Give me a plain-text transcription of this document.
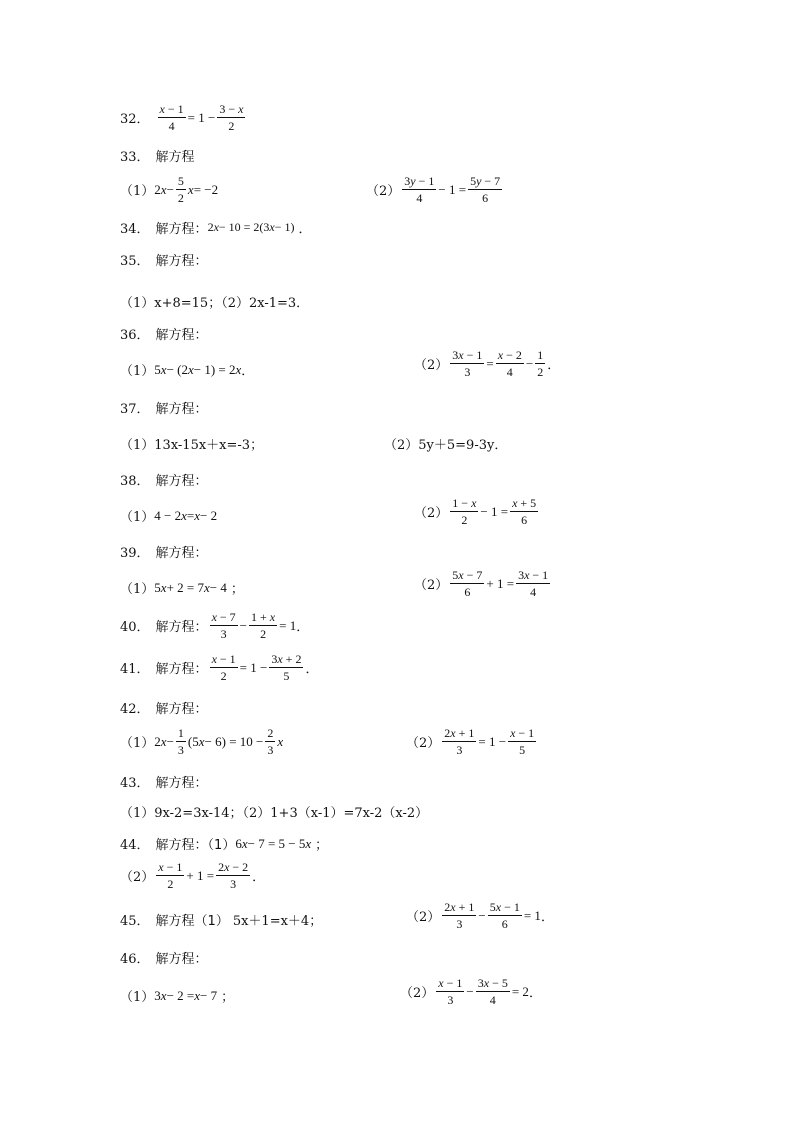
32． $\frac{x - 1}{4} = 1 - \frac{3 - x}{2}$
33． 解方程
（1） 2 $x - \frac{5}{2}$ x = −2	$(2) \frac{3y - 1}{4} - 1 = \frac{5y - 7}{6}$
34． 解方程： 2 x − 10 = 2(3 x − 1) ．
35． 解方程：
（1）x+8=15；（2）2x-1=3．
36． 解方程：
（1） 5 x − (2 x − 1) = 2 x ．	$(2) \frac{3x - 1}{3} = \frac{x - 2}{4} - \frac{1}{2}$ ．
37． 解方程：
（1）13x-15x＋x=-3；	（2）5y＋5=9-3y．
38． 解方程：
（1） 4 − 2 x = x − 2	$(2) \frac{1 - x}{2} - 1 = \frac{x + 5}{6}$
39． 解方程：
（1） 5 x + 2 = 7 x − 4 ；	$(2) \frac{5x - 7}{6} + 1 = \frac{3x - 1}{4}$
40． 解方程： $\frac{x - 7}{3} - \frac{1 + x}{2} = 1$ ．
41． 解方程： $\frac{x - 1}{2} = 1 - \frac{3x + 2}{5}$ ．
42． 解方程：
（1） 2 $x - \frac{1}{3} (5$ $x - 6) = 10 - \frac{2}{3}$ x	$(2) \frac{2x + 1}{3} = 1 - \frac{x - 1}{5}$
43． 解方程：
（1）9x-2=3x-14；（2）1+3（x-1）=7x-2（x-2）
44． 解方程：（1） 6 x − 7 = 5 − 5 x ；
$(2) \frac{x - 1}{2} + 1 = \frac{2x - 2}{3}$ ．
45． 解方程（1） 5x＋1=x＋4；	$(2) \frac{2x + 1}{3} - \frac{5x - 1}{6} = 1$ ．
46． 解方程：
（1） 3 x − 2 = x − 7 ；	$(2) \frac{x - 1}{3} - \frac{3x - 5}{4} = 2$ ．
